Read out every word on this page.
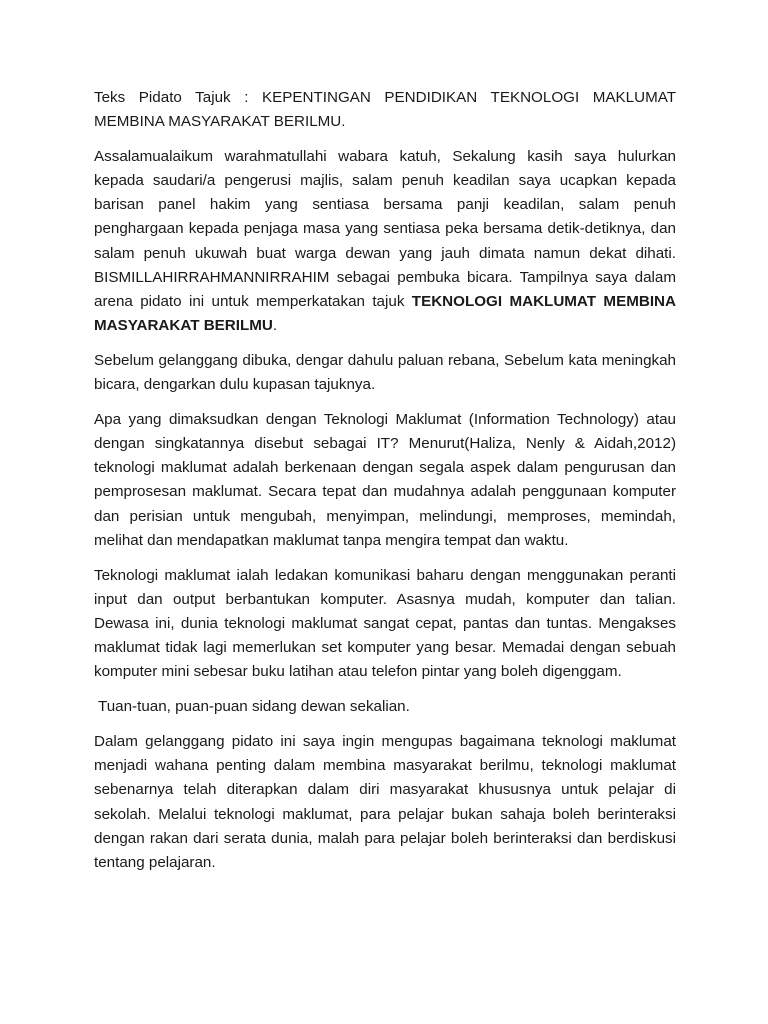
Teks Pidato Tajuk : KEPENTINGAN PENDIDIKAN TEKNOLOGI MAKLUMAT MEMBINA MASYARAKAT BERILMU.

Assalamualaikum warahmatullahi wabara katuh, Sekalung kasih saya hulurkan kepada saudari/a pengerusi majlis, salam penuh keadilan saya ucapkan kepada barisan panel hakim yang sentiasa bersama panji keadilan, salam penuh penghargaan kepada penjaga masa yang sentiasa peka bersama detik-detiknya, dan salam penuh ukuwah buat warga dewan yang jauh dimata namun dekat dihati. BISMILLAHIRRAHMANNIRRAHIM sebagai pembuka bicara. Tampilnya saya dalam arena pidato ini untuk memperkatakan tajuk TEKNOLOGI MAKLUMAT MEMBINA MASYARAKAT BERILMU.

Sebelum gelanggang dibuka, dengar dahulu paluan rebana, Sebelum kata meningkah bicara, dengarkan dulu kupasan tajuknya.

Apa yang dimaksudkan dengan Teknologi Maklumat (Information Technology) atau dengan singkatannya disebut sebagai IT? Menurut(Haliza, Nenly & Aidah,2012) teknologi maklumat adalah berkenaan dengan segala aspek dalam pengurusan dan pemprosesan maklumat. Secara tepat dan mudahnya adalah penggunaan komputer dan perisian untuk mengubah, menyimpan, melindungi, memproses, memindah, melihat dan mendapatkan maklumat tanpa mengira tempat dan waktu.

Teknologi maklumat ialah ledakan komunikasi baharu dengan menggunakan peranti input dan output berbantukan komputer. Asasnya mudah, komputer dan talian. Dewasa ini, dunia teknologi maklumat sangat cepat, pantas dan tuntas. Mengakses maklumat tidak lagi memerlukan set komputer yang besar. Memadai dengan sebuah komputer mini sebesar buku latihan atau telefon pintar yang boleh digenggam.

Tuan-tuan, puan-puan sidang dewan sekalian.

Dalam gelanggang pidato ini saya ingin mengupas bagaimana teknologi maklumat menjadi wahana penting dalam membina masyarakat berilmu, teknologi maklumat sebenarnya telah diterapkan dalam diri masyarakat khususnya untuk pelajar di sekolah. Melalui teknologi maklumat, para pelajar bukan sahaja boleh berinteraksi dengan rakan dari serata dunia, malah para pelajar boleh berinteraksi dan berdiskusi tentang pelajaran.
